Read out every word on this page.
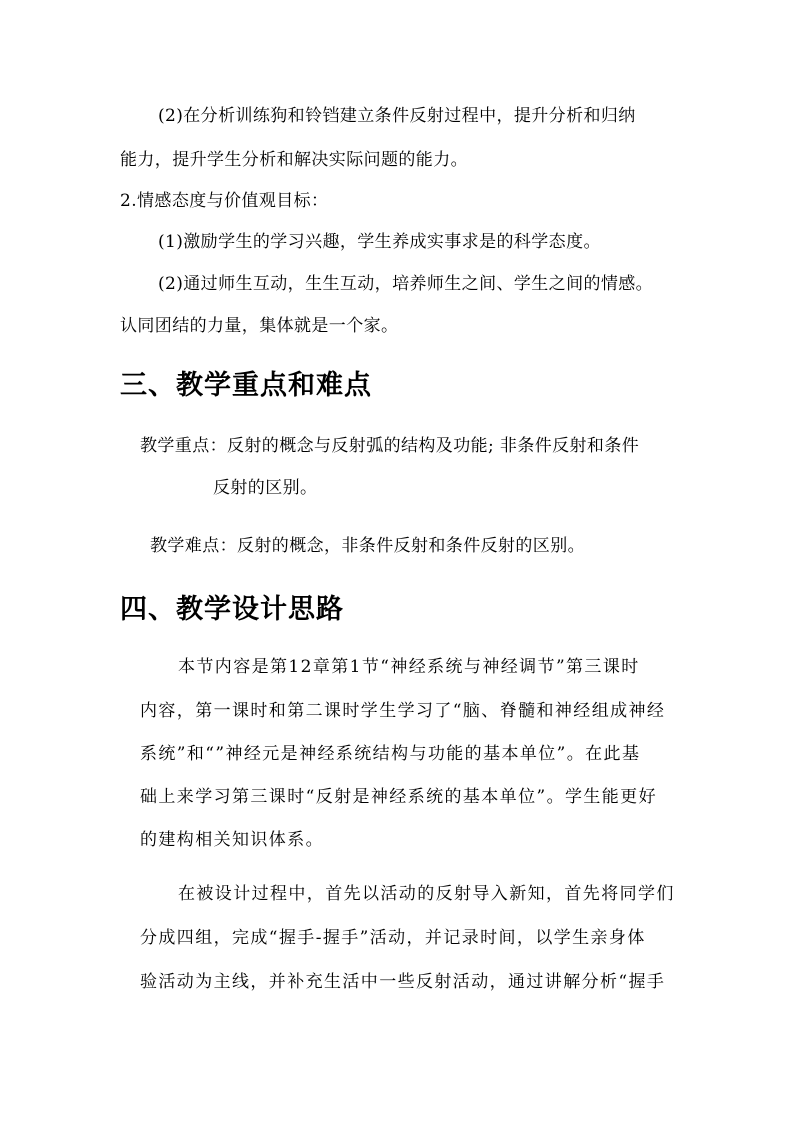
(2)在分析训练狗和铃铛建立条件反射过程中，提升分析和归纳
能力，提升学生分析和解决实际问题的能力。
2.情感态度与价值观目标：
(1)激励学生的学习兴趣，学生养成实事求是的科学态度。
(2)通过师生互动，生生互动，培养师生之间、学生之间的情感。
认同团结的力量，集体就是一个家。
三、教学重点和难点
教学重点：反射的概念与反射弧的结构及功能; 非条件反射和条件
反射的区别。
教学难点：反射的概念，非条件反射和条件反射的区别。
四、教学设计思路
本节内容是第12章第1节“神经系统与神经调节”第三课时
内容，第一课时和第二课时学生学习了“脑、脊髓和神经组成神经
系统”和“”神经元是神经系统结构与功能的基本单位”。在此基
础上来学习第三课时“反射是神经系统的基本单位”。学生能更好
的建构相关知识体系。
在被设计过程中，首先以活动的反射导入新知，首先将同学们
分成四组，完成“握手-握手”活动，并记录时间，以学生亲身体
验活动为主线，并补充生活中一些反射活动，通过讲解分析“握手
